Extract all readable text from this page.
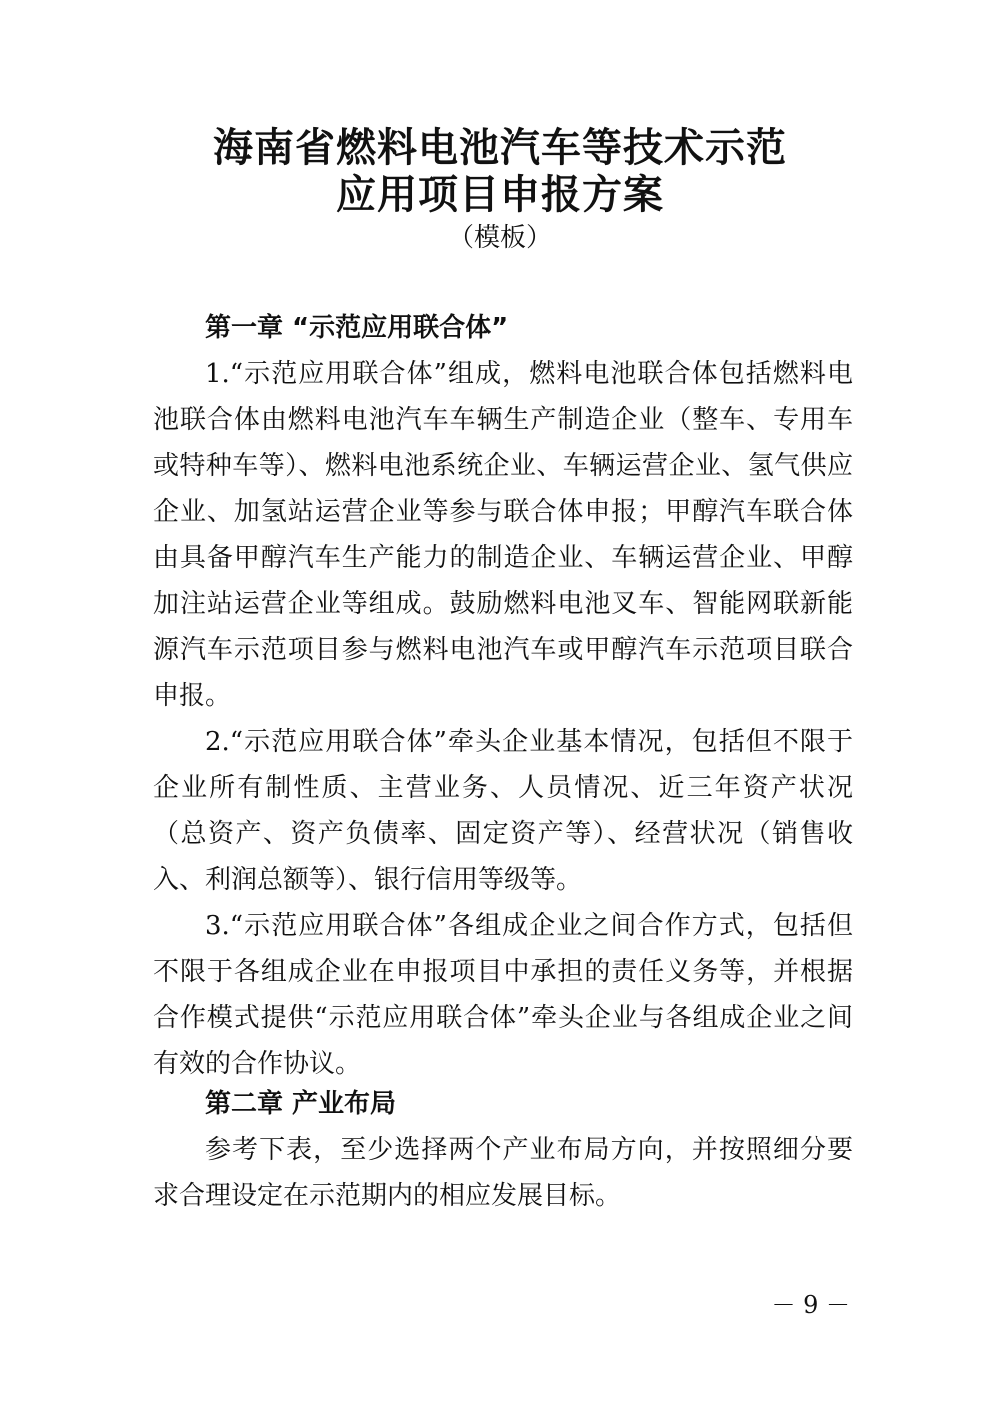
海南省燃料电池汽车等技术示范
应用项目申报方案
（模板）
第一章 “示范应用联合体”

1.“示范应用联合体”组成，燃料电池联合体包括燃料电池联合体由燃料电池汽车车辆生产制造企业（整车、专用车或特种车等）、燃料电池系统企业、车辆运营企业、氢气供应企业、加氢站运营企业等参与联合体申报；甲醇汽车联合体由具备甲醇汽车生产能力的制造企业、车辆运营企业、甲醇加注站运营企业等组成。鼓励燃料电池叉车、智能网联新能源汽车示范项目参与燃料电池汽车或甲醇汽车示范项目联合申报。

2.“示范应用联合体”牵头企业基本情况，包括但不限于企业所有制性质、主营业务、人员情况、近三年资产状况（总资产、资产负债率、固定资产等）、经营状况（销售收入、利润总额等）、银行信用等级等。

3.“示范应用联合体”各组成企业之间合作方式，包括但不限于各组成企业在申报项目中承担的责任义务等，并根据合作模式提供“示范应用联合体”牵头企业与各组成企业之间有效的合作协议。

第二章 产业布局

参考下表，至少选择两个产业布局方向，并按照细分要求合理设定在示范期内的相应发展目标。

－ 9 －
